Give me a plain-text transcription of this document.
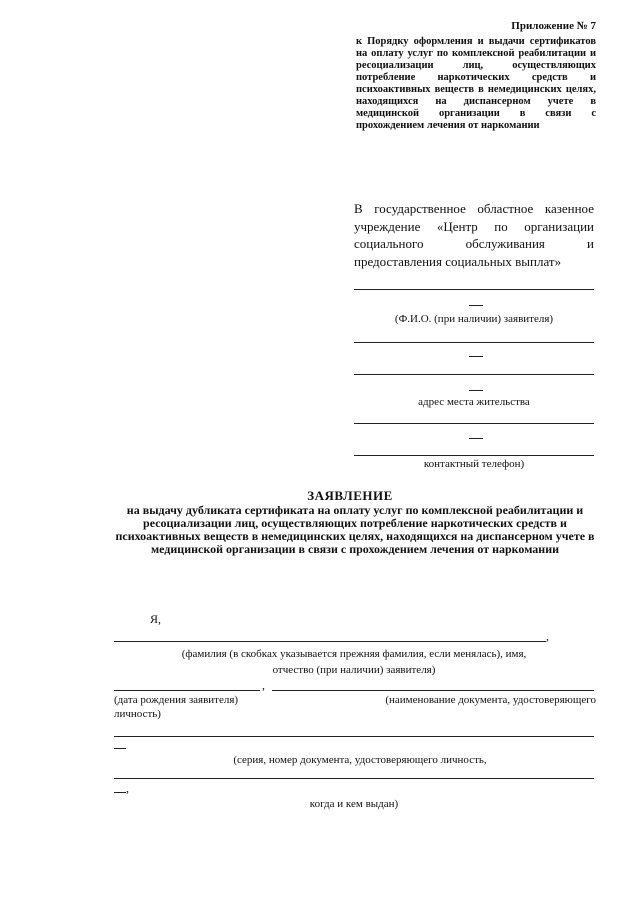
Приложение № 7
к Порядку оформления и выдачи сертификатов на оплату услуг по комплексной реабилитации и ресоциализации лиц, осуществляющих потребление наркотических средств и психоактивных веществ в немедицинских целях, находящихся на диспансерном учете в медицинской организации в связи с прохождением лечения от наркомании
В государственное областное казенное учреждение «Центр по организации социального обслуживания и предоставления социальных выплат»
(Ф.И.О. (при наличии) заявителя)
адрес места жительства
контактный телефон)
ЗАЯВЛЕНИЕ
на выдачу дубликата сертификата на оплату услуг по комплексной реабилитации и ресоциализации лиц, осуществляющих потребление наркотических средств и психоактивных веществ в немедицинских целях, находящихся на диспансерном учете в медицинской организации в связи с прохождением лечения от наркомании
Я,
,
(фамилия (в скобках указывается прежняя фамилия, если менялась), имя,
отчество (при наличии) заявителя)
,
(дата рождения заявителя)	(наименование документа, удостоверяющего
личность)
(серия, номер документа, удостоверяющего личность,
,
когда и кем выдан)
